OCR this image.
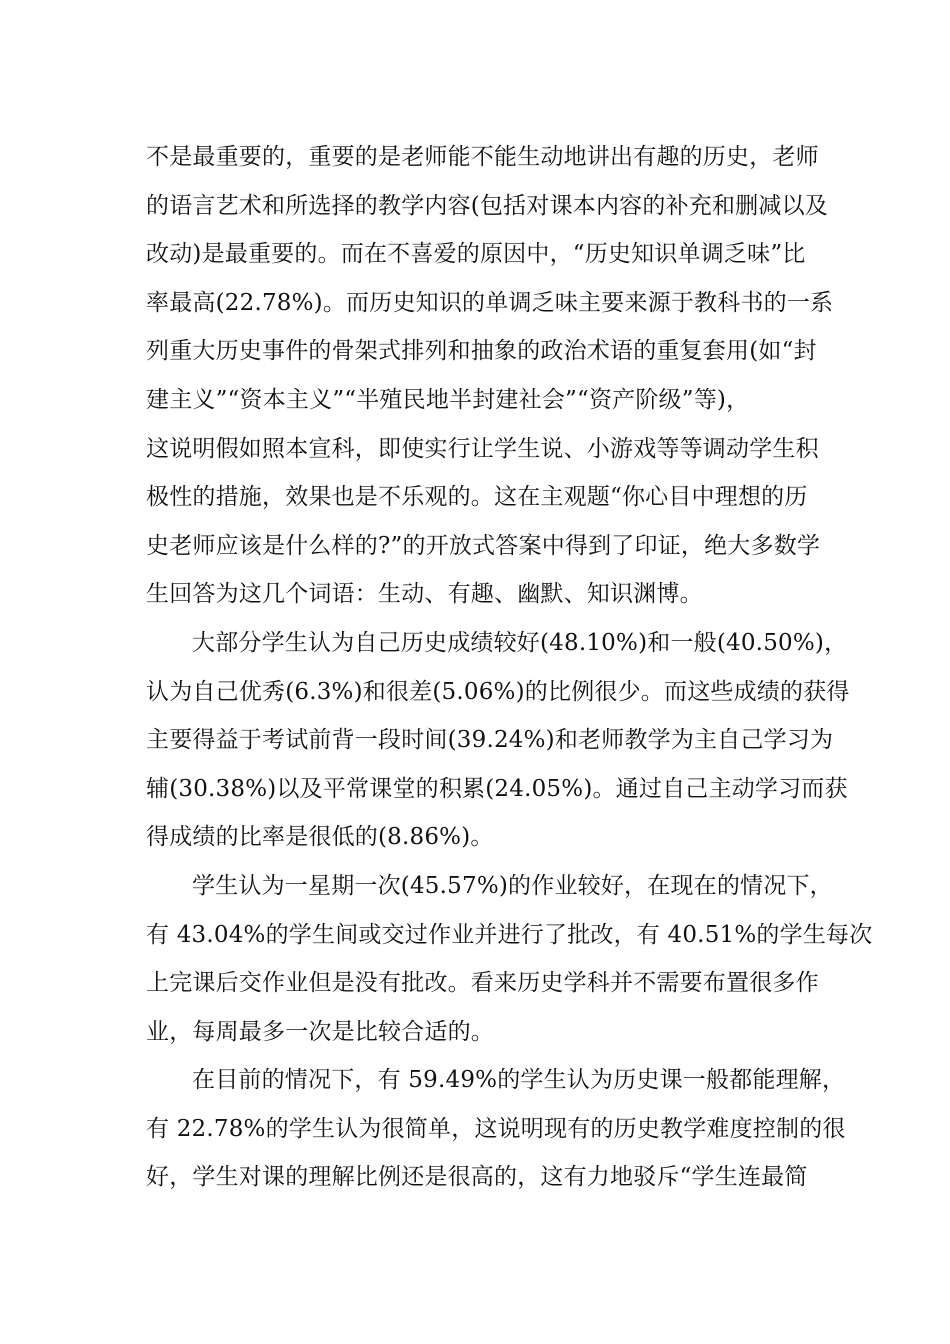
不是最重要的，重要的是老师能不能生动地讲出有趣的历史，老师
的语言艺术和所选择的教学内容(包括对课本内容的补充和删减以及
改动)是最重要的。而在不喜爱的原因中，“历史知识单调乏味”比
率最高(22.78%)。而历史知识的单调乏味主要来源于教科书的一系
列重大历史事件的骨架式排列和抽象的政治术语的重复套用(如“封
建主义”“资本主义”“半殖民地半封建社会”“资产阶级”等)，
这说明假如照本宣科，即使实行让学生说、小游戏等等调动学生积
极性的措施，效果也是不乐观的。这在主观题“你心目中理想的历
史老师应该是什么样的?”的开放式答案中得到了印证，绝大多数学
生回答为这几个词语：生动、有趣、幽默、知识渊博。
大部分学生认为自己历史成绩较好(48.10%)和一般(40.50%)，
认为自己优秀(6.3%)和很差(5.06%)的比例很少。而这些成绩的获得
主要得益于考试前背一段时间(39.24%)和老师教学为主自己学习为
辅(30.38%)以及平常课堂的积累(24.05%)。通过自己主动学习而获
得成绩的比率是很低的(8.86%)。
学生认为一星期一次(45.57%)的作业较好，在现在的情况下，
有 43.04%的学生间或交过作业并进行了批改，有 40.51%的学生每次
上完课后交作业但是没有批改。看来历史学科并不需要布置很多作
业，每周最多一次是比较合适的。
在目前的情况下，有 59.49%的学生认为历史课一般都能理解，
有 22.78%的学生认为很简单，这说明现有的历史教学难度控制的很
好，学生对课的理解比例还是很高的，这有力地驳斥“学生连最简
